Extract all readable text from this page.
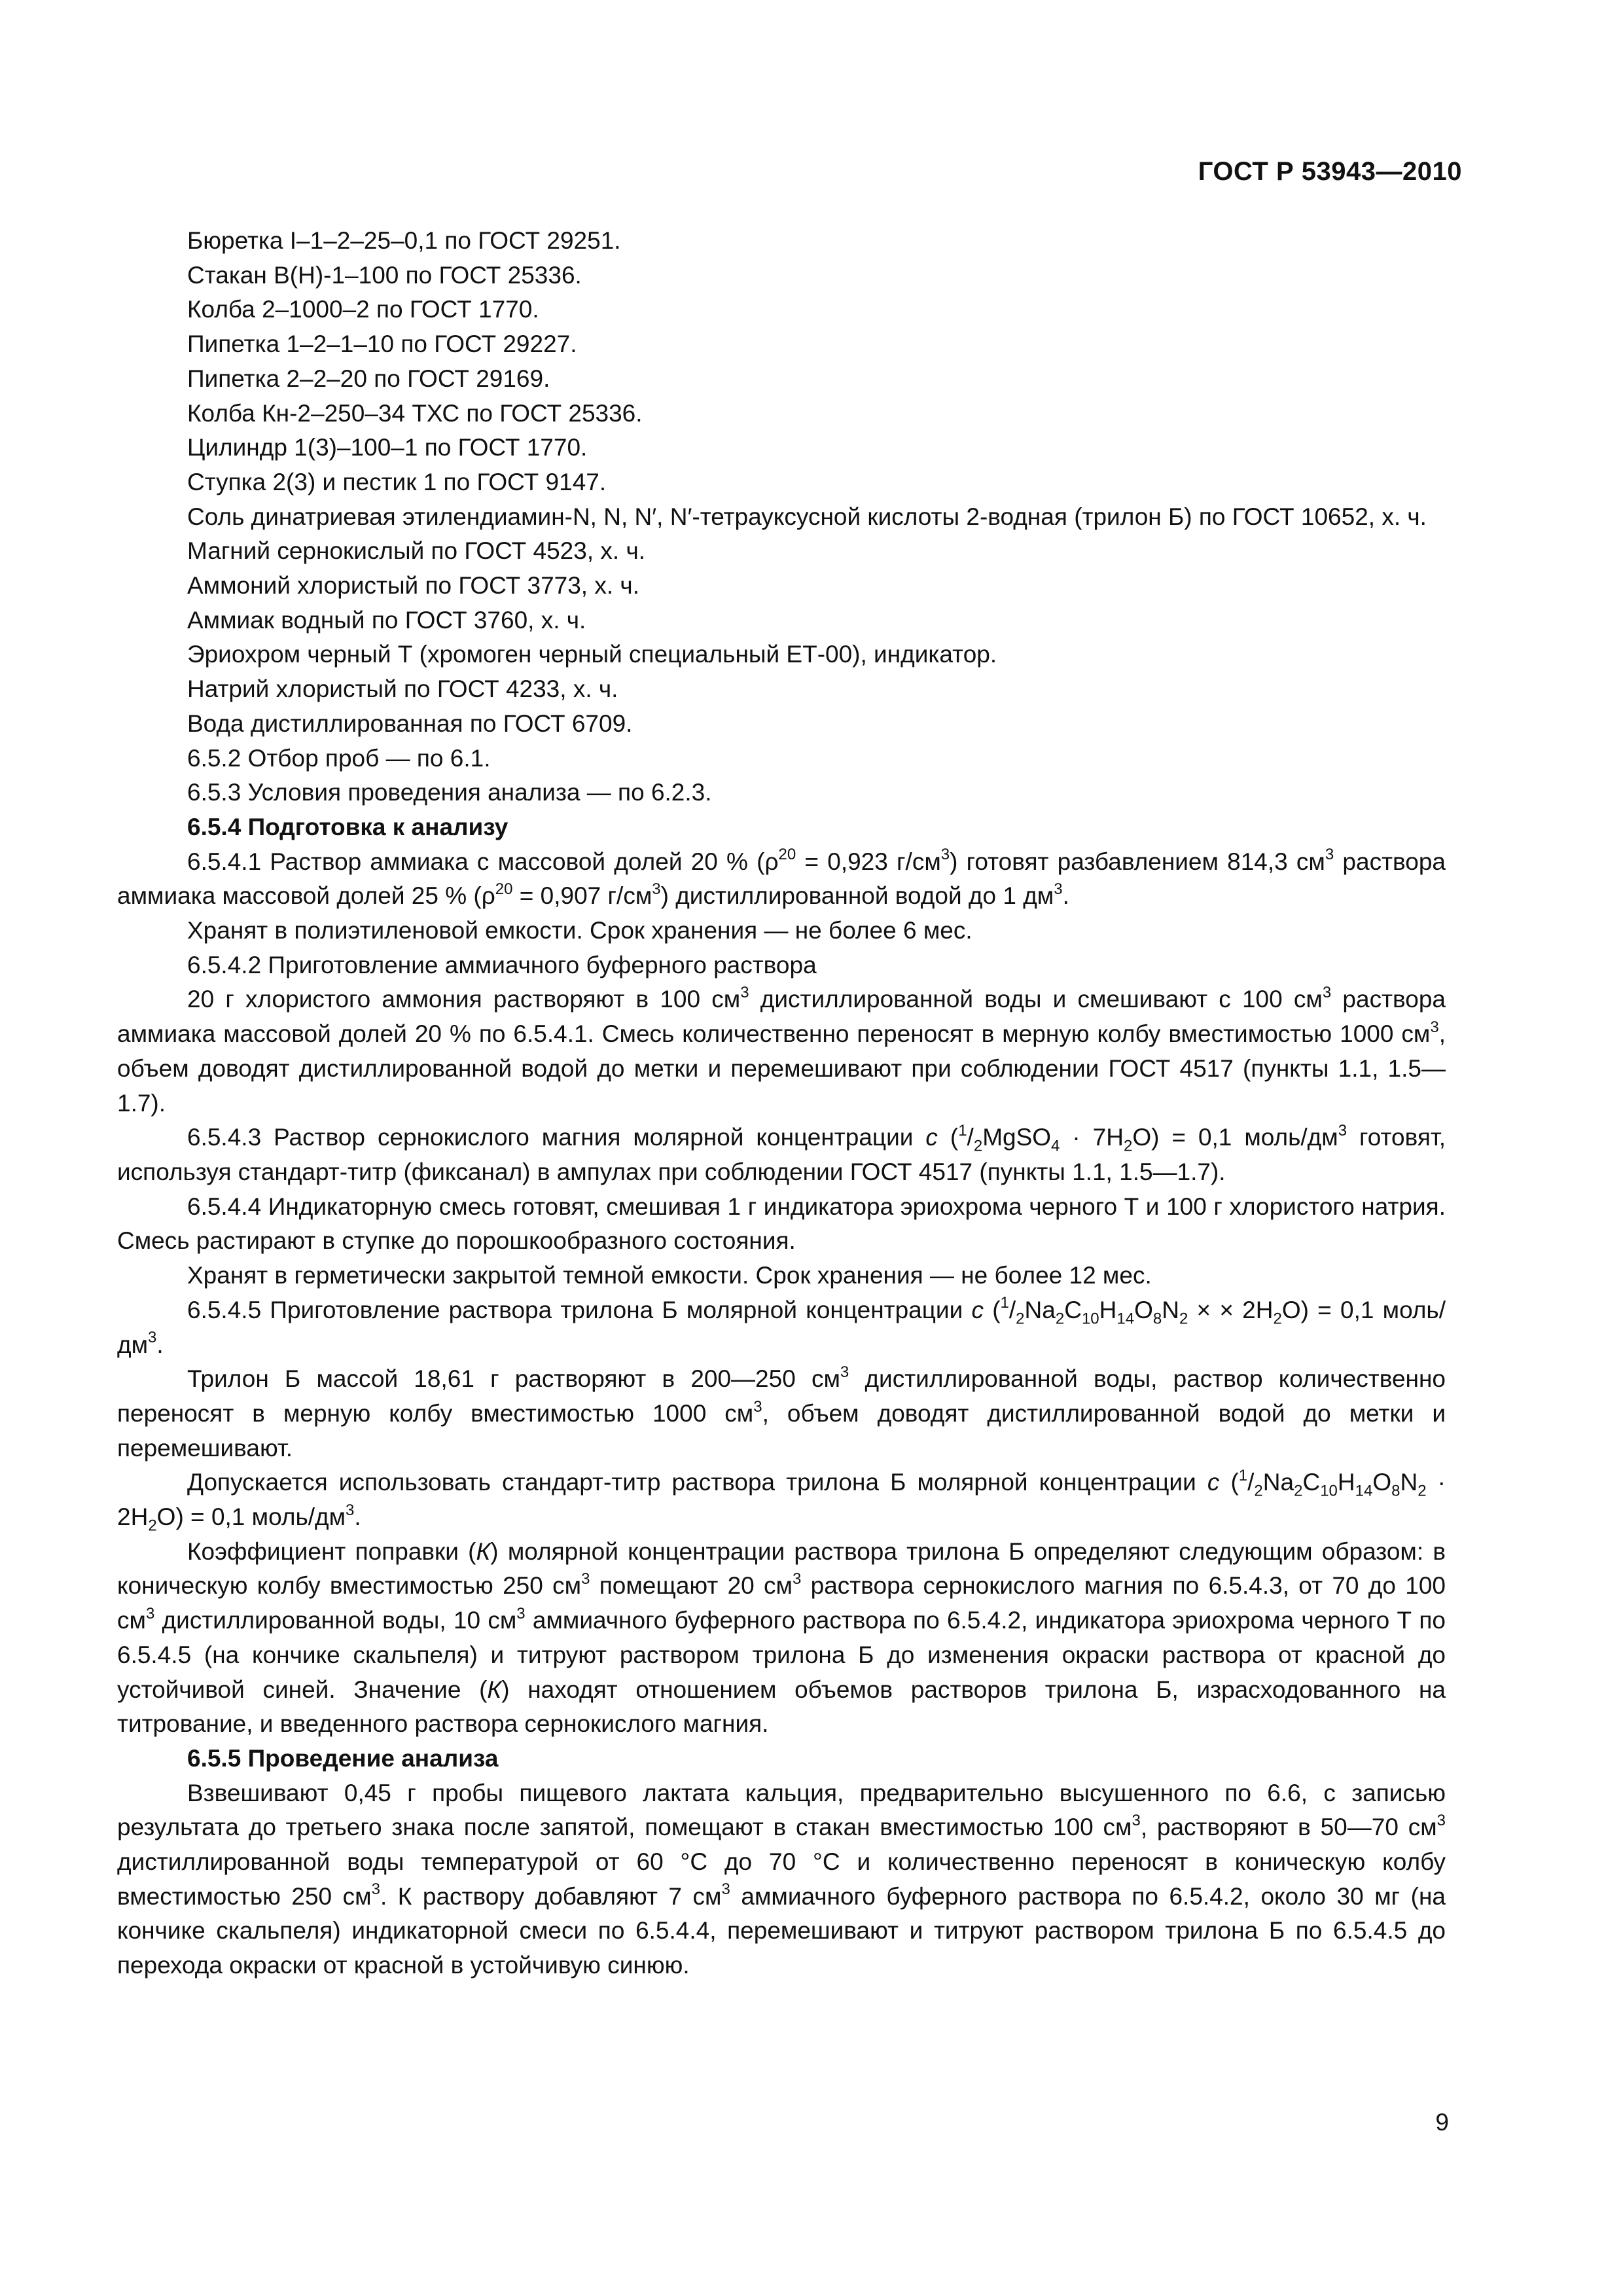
ГОСТ Р 53943—2010

Бюретка I–1–2–25–0,1 по ГОСТ 29251.

Стакан В(Н)-1–100 по ГОСТ 25336.

Колба 2–1000–2 по ГОСТ 1770.

Пипетка 1–2–1–10 по ГОСТ 29227.

Пипетка 2–2–20 по ГОСТ 29169.

Колба Кн-2–250–34 ТХС по ГОСТ 25336.

Цилиндр 1(3)–100–1 по ГОСТ 1770.

Ступка 2(3) и пестик 1 по ГОСТ 9147.

Соль динатриевая этилендиамин-N, N, N′, N′-тетрауксусной кислоты 2-водная (трилон Б) по ГОСТ 10652, х. ч.

Магний сернокислый по ГОСТ 4523, х. ч.

Аммоний хлористый по ГОСТ 3773, х. ч.

Аммиак водный по ГОСТ 3760, х. ч.

Эриохром черный Т (хромоген черный специальный ЕТ-00), индикатор.

Натрий хлористый по ГОСТ 4233, х. ч.

Вода дистиллированная по ГОСТ 6709.

6.5.2 Отбор проб — по 6.1.

6.5.3 Условия проведения анализа — по 6.2.3.

6.5.4 Подготовка к анализу

6.5.4.1 Раствор аммиака с массовой долей 20 % ($\rho^{20} = 0,923$ $г/см^3$) готовят разбавлением 814,3 $см^3$ раствора аммиака массовой долей 25 % ($\rho^{20} = 0,907$ $г/см^3$) дистиллированной водой до 1 $дм^3$.

Хранят в полиэтиленовой емкости. Срок хранения — не более 6 мес.

6.5.4.2 Приготовление аммиачного буферного раствора

20 г хлористого аммония растворяют в 100 $см^3$ дистиллированной воды и смешивают с 100 $см^3$ раствора аммиака массовой долей 20 % по 6.5.4.1. Смесь количественно переносят в мерную колбу вместимостью 1000 $см^3$, объем доводят дистиллированной водой до метки и перемешивают при соблюдении ГОСТ 4517 (пункты 1.1, 1.5—1.7).

6.5.4.3 Раствор сернокислого магния молярной концентрации c $(^1/_2MgSO_4 \cdot 7H_2O) = 0,1$ моль/$дм^3$ готовят, используя стандарт-титр (фиксанал) в ампулах при соблюдении ГОСТ 4517 (пункты 1.1, 1.5—1.7).

6.5.4.4 Индикаторную смесь готовят, смешивая 1 г индикатора эриохрома черного Т и 100 г хлористого натрия. Смесь растирают в ступке до порошкообразного состояния.

Хранят в герметически закрытой темной емкости. Срок хранения — не более 12 мес.

6.5.4.5 Приготовление раствора трилона Б молярной концентрации c ($^1/_2Na_2C_{10}H_{14}O_8N_2$ × × $2H_2O) = 0,1$ моль/$дм^3$.

Трилон Б массой 18,61 г растворяют в 200—250 $см^3$ дистиллированной воды, раствор количественно переносят в мерную колбу вместимостью 1000 $см^3$, объем доводят дистиллированной водой до метки и перемешивают.

Допускается использовать стандарт-титр раствора трилона Б молярной концентрации c $(^1/_2Na_2C_{10}H_{14}O_8N_2 \cdot 2H_2O) = 0,1$ моль/$дм^3$.

Коэффициент поправки (К) молярной концентрации раствора трилона Б определяют следующим образом: в коническую колбу вместимостью 250 $см^3$ помещают 20 $см^3$ раствора сернокислого магния по 6.5.4.3, от 70 до 100 $см^3$ дистиллированной воды, 10 $см^3$ аммиачного буферного раствора по 6.5.4.2, индикатора эриохрома черного Т по 6.5.4.5 (на кончике скальпеля) и титруют раствором трилона Б до изменения окраски раствора от красной до устойчивой синей. Значение (К) находят отношением объемов растворов трилона Б, израсходованного на титрование, и введенного раствора сернокислого магния.

6.5.5 Проведение анализа

Взвешивают 0,45 г пробы пищевого лактата кальция, предварительно высушенного по 6.6, с записью результата до третьего знака после запятой, помещают в стакан вместимостью 100 $см^3$, растворяют в 50—70 $см^3$ дистиллированной воды температурой от 60 °С до 70 °С и количественно переносят в коническую колбу вместимостью 250 $см^3$. К раствору добавляют 7 $см^3$ аммиачного буферного раствора по 6.5.4.2, около 30 мг (на кончике скальпеля) индикаторной смеси по 6.5.4.4, перемешивают и титруют раствором трилона Б по 6.5.4.5 до перехода окраски от красной в устойчивую синюю.

9
